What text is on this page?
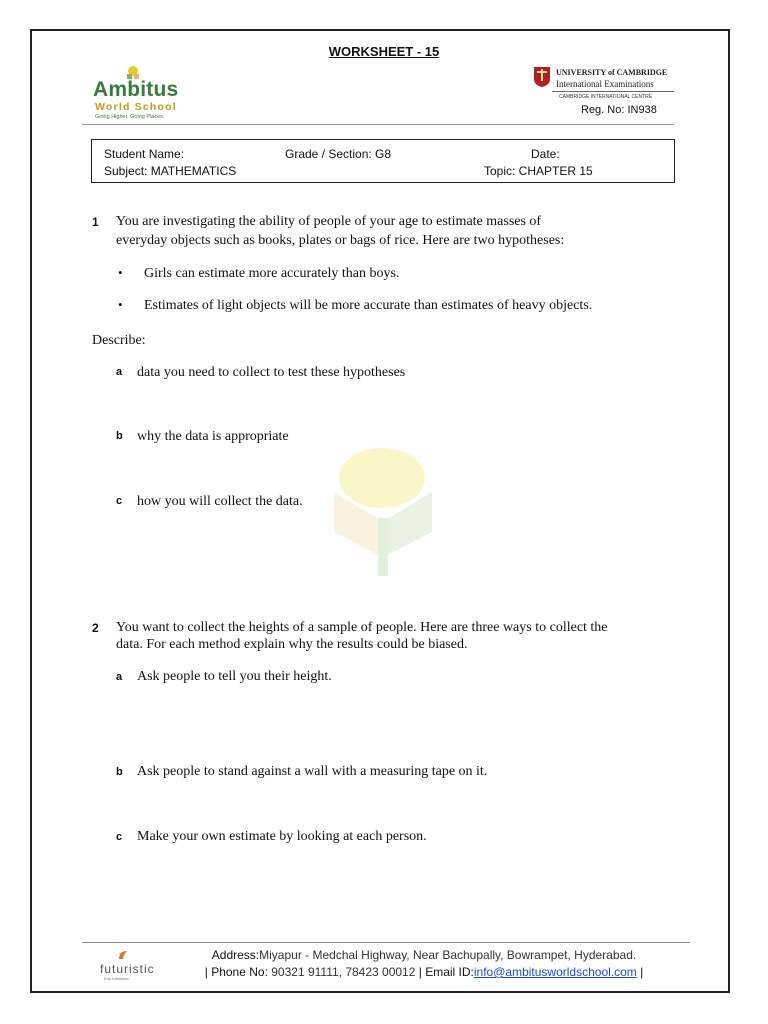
WORKSHEET - 15
Ambitus
World School
Going Higher. Going Places.
UNIVERSITY of CAMBRIDGE
International Examinations
CAMBRIDGE INTERNATIONAL CENTRE
Reg. No: IN938
Student Name:	Grade / Section: G8	Date:
Subject: MATHEMATICS	Topic: CHAPTER 15
1 You are investigating the ability of people of your age to estimate masses of
everyday objects such as books, plates or bags of rice. Here are two hypotheses:
• Girls can estimate more accurately than boys.
• Estimates of light objects will be more accurate than estimates of heavy objects.
Describe:
a data you need to collect to test these hypotheses
b why the data is appropriate
c how you will collect the data.
2 You want to collect the heights of a sample of people. Here are three ways to collect the
data. For each method explain why the results could be biased.
a Ask people to tell you their height.
b Ask people to stand against a wall with a measuring tape on it.
c Make your own estimate by looking at each person.
futuristic
Edu Initiatives
Address:Miyapur - Medchal Highway, Near Bachupally, Bowrampet, Hyderabad.
| Phone No: 90321 91111, 78423 00012 | Email ID:info@ambitusworldschool.com |
